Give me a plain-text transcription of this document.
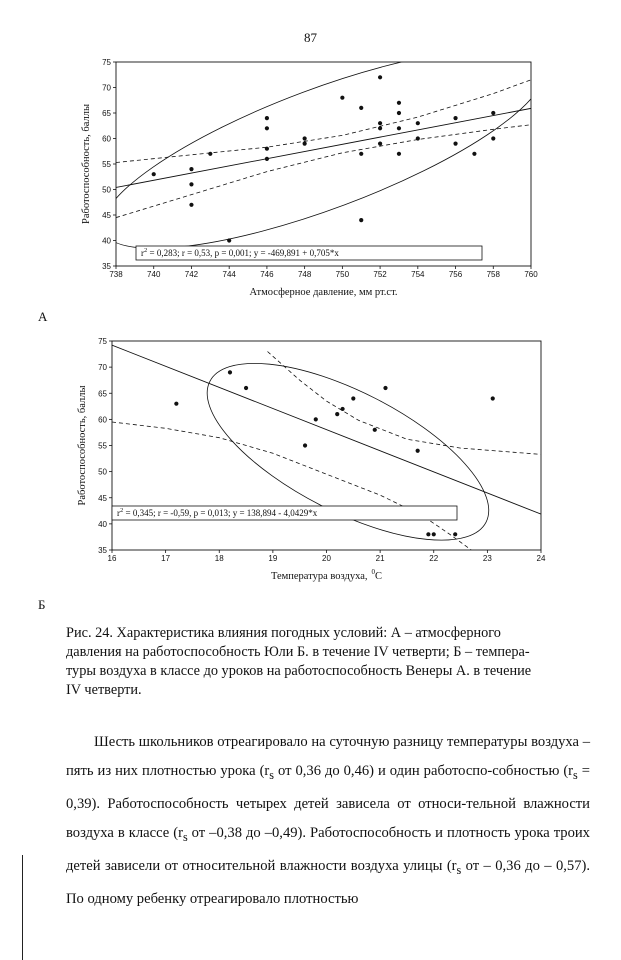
87
738	740	742	744	746	748	750	752	754	756	758	760
35
40
45
50
55
60
65
70
75
Работоспособность, баллы
Атмосферное давление, мм рт.ст.
$r^2 = 0,283$; r = 0,53, p = 0,001; y = -469,891 + 0,705*x
А
16	17	18	19	20	21	22	23	24
35
40
45
50
55
60
65
70
75
Работоспособность, баллы
Температура воздуха, $^0$С
$r^2 = 0,345$; r = -0,59, p = 0,013; y = 138,894 - 4,0429*x
Б
Рис. 24. Характеристика влияния погодных условий: А – атмосферного
давления на работоспособность Юли Б. в течение IV четверти; Б – темпера-
туры воздуха в классе до уроков на работоспособность Венеры А. в течение
IV четверти.

Шесть школьников отреагировало на суточную разницу температуры воздуха – пять из них плотностью урока ($r_s$ от 0,36 до 0,46) и один работоспо-собностью $(r_s = 0,39)$. Работоспособность четырех детей зависела от относи-тельной влажности воздуха в классе ($r_s$ от –0,38 до –0,49). Работоспособность и плотность урока троих детей зависели от относительной влажности воздуха улицы ($r_s$ от – 0,36 до – 0,57). По одному ребенку отреагировало плотностью
